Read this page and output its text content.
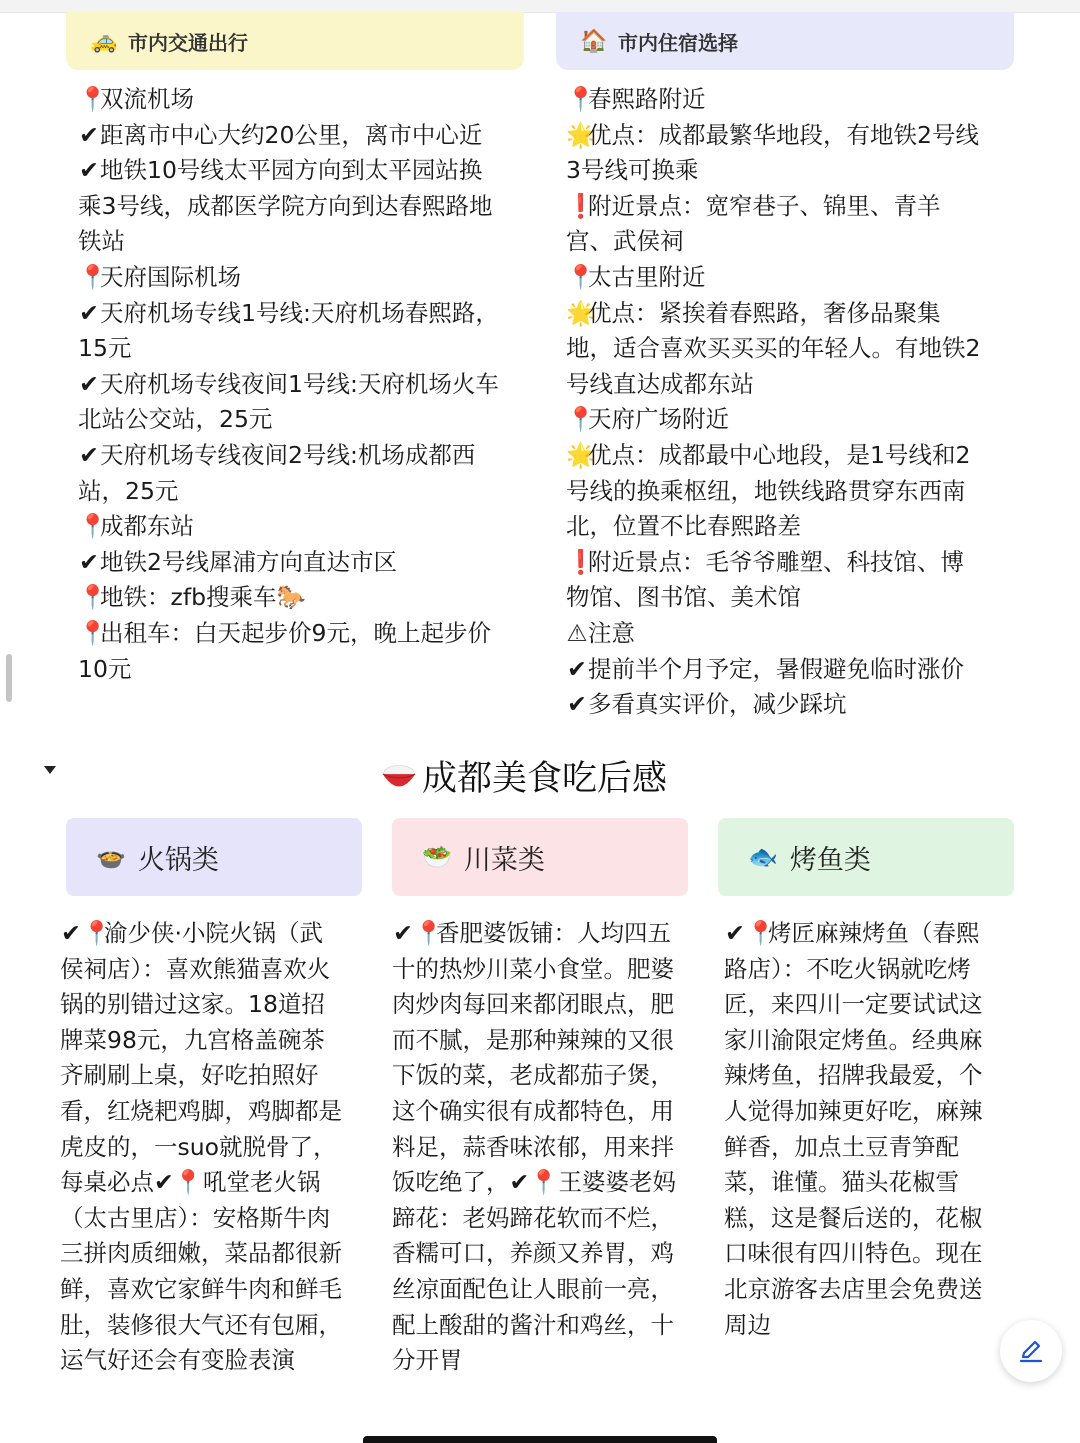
🚕 市内交通出行	🏠 市内住宿选择
📍双流机场
✔距离市中心大约20公里，离市中心近
✔地铁10号线太平园方向到太平园站换
乘3号线，成都医学院方向到达春熙路地
铁站
📍天府国际机场
✔天府机场专线1号线:天府机场春熙路，
15元
✔天府机场专线夜间1号线:天府机场火车
北站公交站，25元
✔天府机场专线夜间2号线:机场成都西
站，25元
📍成都东站
✔地铁2号线犀浦方向直达市区
📍地铁：zfb搜乘车🐎
📍出租车：白天起步价9元，晚上起步价
10元
📍春熙路附近
🌟优点：成都最繁华地段，有地铁2号线
3号线可换乘
❗附近景点：宽窄巷子、锦里、青羊
宫、武侯祠
📍太古里附近
🌟优点：紧挨着春熙路，奢侈品聚集
地，适合喜欢买买买的年轻人。有地铁2
号线直达成都东站
📍天府广场附近
🌟优点：成都最中心地段，是1号线和2
号线的换乘枢纽，地铁线路贯穿东西南
北，位置不比春熙路差
❗附近景点：毛爷爷雕塑、科技馆、博
物馆、图书馆、美术馆
⚠注意
✔提前半个月予定，暑假避免临时涨价
✔多看真实评价，减少踩坑
成都美食吃后感
🍲 火锅类	🥗 川菜类	🐟 烤鱼类
✔📍渝少侠·小院火锅（武
侯祠店）：喜欢熊猫喜欢火
锅的别错过这家。18道招
牌菜98元，九宫格盖碗茶
齐刷刷上桌，好吃拍照好
看，红烧耙鸡脚，鸡脚都是
虎皮的，一suo就脱骨了，
每桌必点✔📍吼堂老火锅
（太古里店）：安格斯牛肉
三拼肉质细嫩，菜品都很新
鲜，喜欢它家鲜牛肉和鲜毛
肚，装修很大气还有包厢，
运气好还会有变脸表演
✔📍香肥婆饭铺：人均四五
十的热炒川菜小食堂。肥婆
肉炒肉每回来都闭眼点，肥
而不腻，是那种辣辣的又很
下饭的菜，老成都茄子煲，
这个确实很有成都特色，用
料足，蒜香味浓郁，用来拌
饭吃绝了，✔📍王婆婆老妈
蹄花：老妈蹄花软而不烂，
香糯可口，养颜又养胃，鸡
丝凉面配色让人眼前一亮，
配上酸甜的酱汁和鸡丝，十
分开胃
✔📍烤匠麻辣烤鱼（春熙
路店）：不吃火锅就吃烤
匠，来四川一定要试试这
家川渝限定烤鱼。经典麻
辣烤鱼，招牌我最爱，个
人觉得加辣更好吃，麻辣
鲜香，加点土豆青笋配
菜，谁懂。猫头花椒雪
糕，这是餐后送的，花椒
口味很有四川特色。现在
北京游客去店里会免费送
周边
